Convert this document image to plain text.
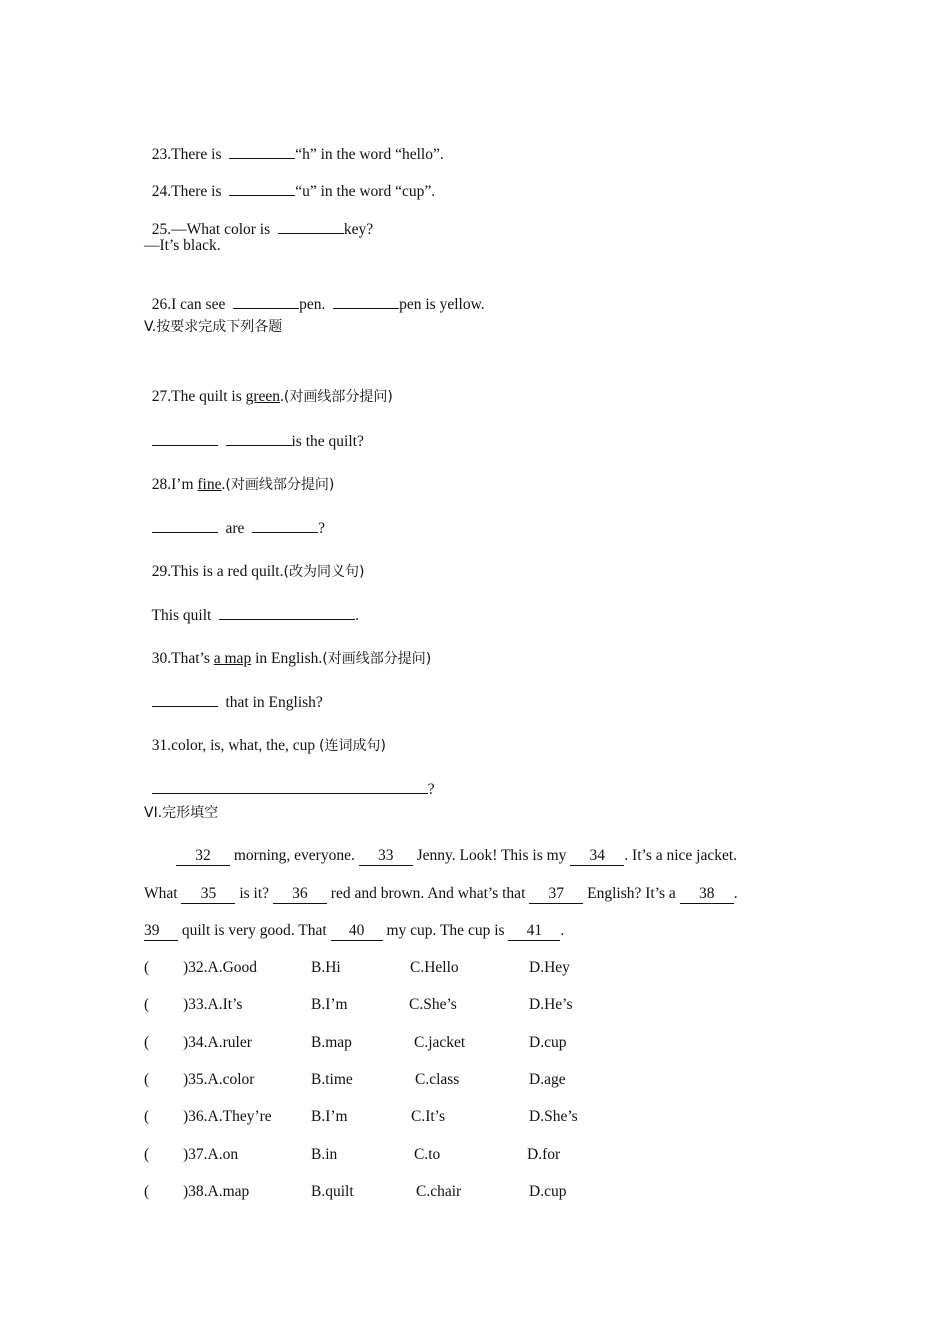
23.There is	“h” in the word “hello”.

24.There is	“u” in the word “cup”.

25.—What color is	key?

—It’s black.

26.I can see	pen.	pen is yellow.

V.按要求完成下列各题

27.The quilt is green.(对画线部分提问)

is the quilt?

28.I’m fine.(对画线部分提问)

are	?

29.This is a red quilt.(改为同义句)

This quilt	.

30.That’s a map in English.(对画线部分提问)

that in English?

31.color, is, what, the, cup (连词成句)

?

VI.完形填空
32 morning, everyone. 33 Jenny. Look! This is my 34 . It’s a nice jacket.
What 35 is it? 36 red and brown. And what’s that 37 English? It’s a 38 .
39 quilt is very good. That 40 my cup. The cup is 41 .
( )32.A.Good	B.Hi	C.Hello	D.Hey
( )33.A.It’s	B.I’m	C.She’s	D.He’s
( )34.A.ruler	B.map	C.jacket	D.cup
( )35.A.color	B.time	C.class	D.age
( )36.A.They’re	B.I’m	C.It’s	D.She’s
( )37.A.on	B.in	C.to	D.for
( )38.A.map	B.quilt	C.chair	D.cup
